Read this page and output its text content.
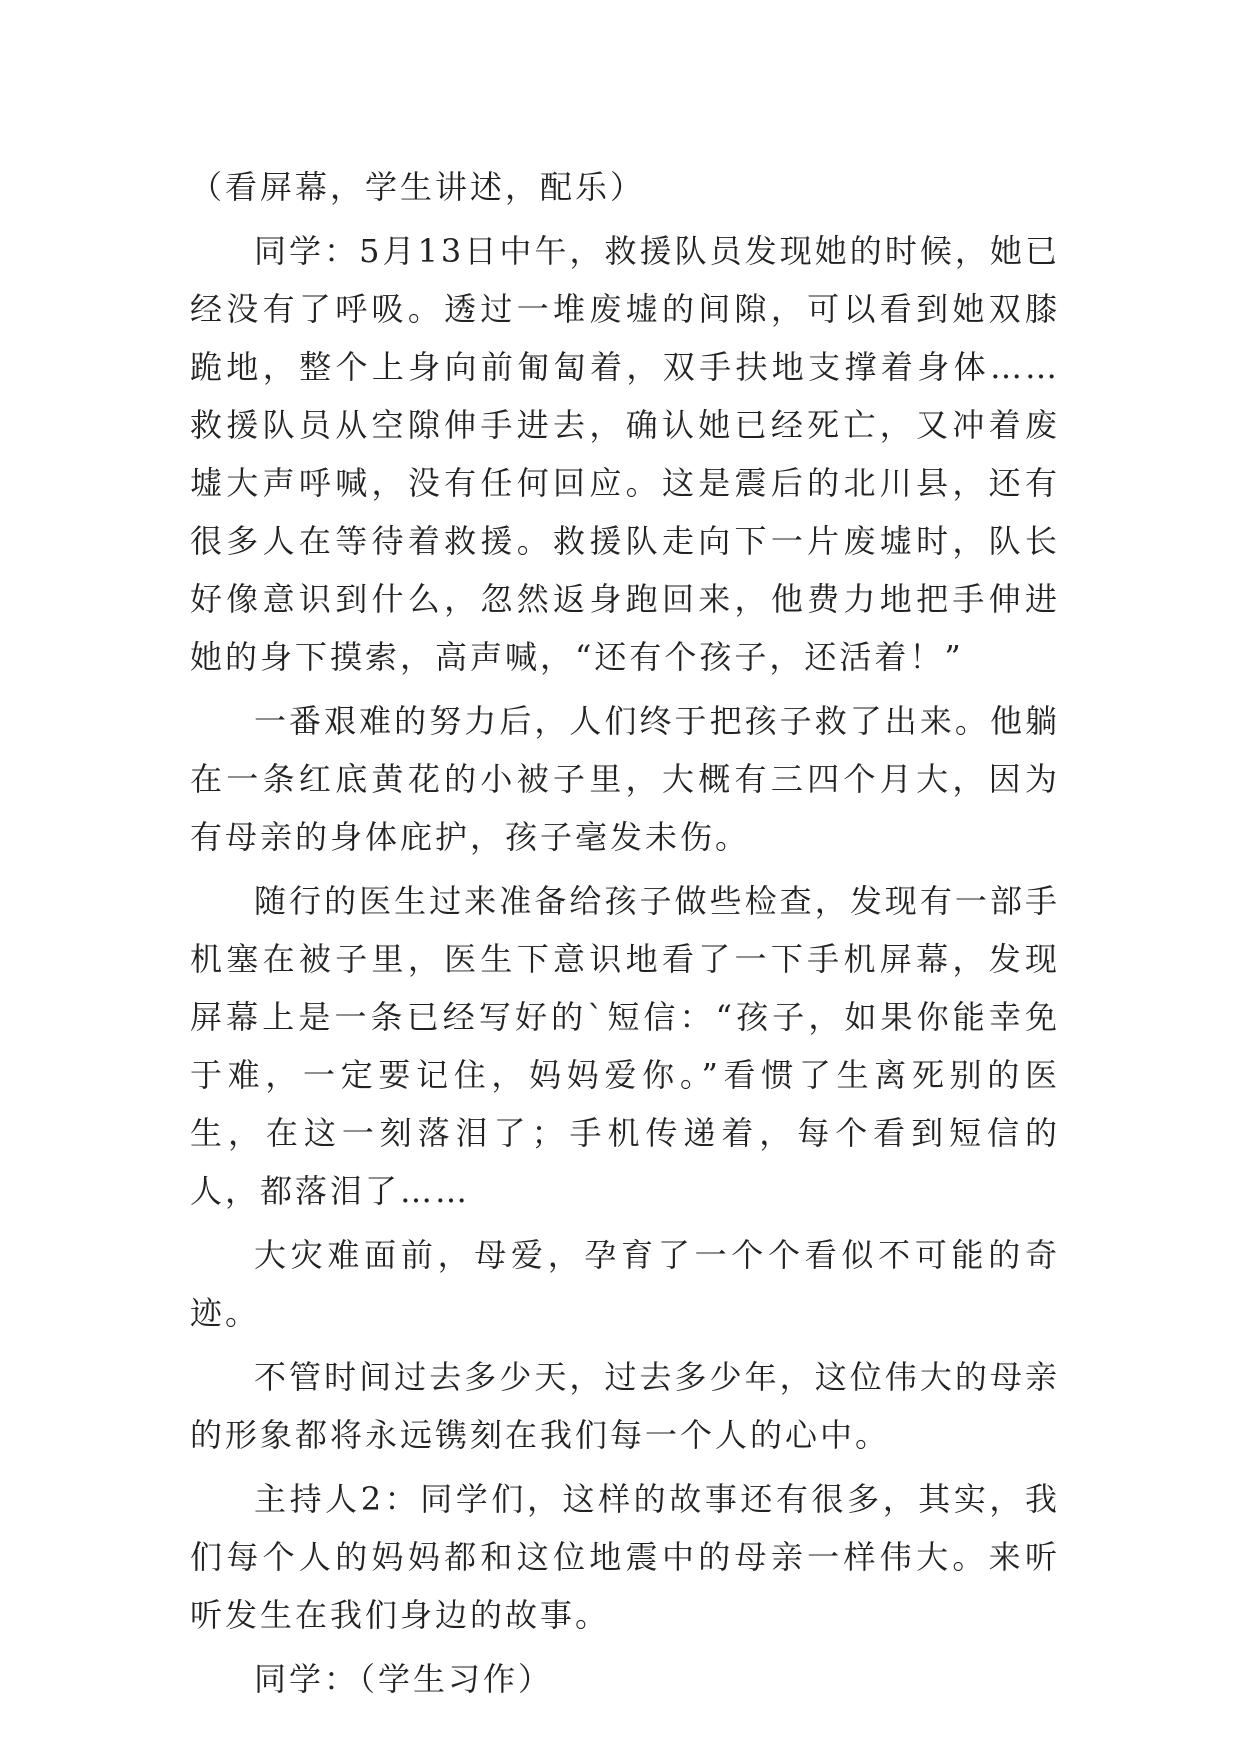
（看屏幕，学生讲述，配乐）

同学：5月13日中午，救援队员发现她的时候，她已经没有了呼吸。透过一堆废墟的间隙，可以看到她双膝跪地，整个上身向前匍匐着，双手扶地支撑着身体……救援队员从空隙伸手进去，确认她已经死亡，又冲着废墟大声呼喊，没有任何回应。这是震后的北川县，还有很多人在等待着救援。救援队走向下一片废墟时，队长好像意识到什么，忽然返身跑回来，他费力地把手伸进她的身下摸索，高声喊，“还有个孩子，还活着！”

一番艰难的努力后，人们终于把孩子救了出来。他躺在一条红底黄花的小被子里，大概有三四个月大，因为有母亲的身体庇护，孩子毫发未伤。

随行的医生过来准备给孩子做些检查，发现有一部手机塞在被子里，医生下意识地看了一下手机屏幕，发现屏幕上是一条已经写好的`短信：“孩子，如果你能幸免于难，一定要记住，妈妈爱你。”看惯了生离死别的医生，在这一刻落泪了；手机传递着，每个看到短信的人，都落泪了……

大灾难面前，母爱，孕育了一个个看似不可能的奇迹。

不管时间过去多少天，过去多少年，这位伟大的母亲的形象都将永远镌刻在我们每一个人的心中。

主持人2：同学们，这样的故事还有很多，其实，我们每个人的妈妈都和这位地震中的母亲一样伟大。来听听发生在我们身边的故事。

同学：（学生习作）
